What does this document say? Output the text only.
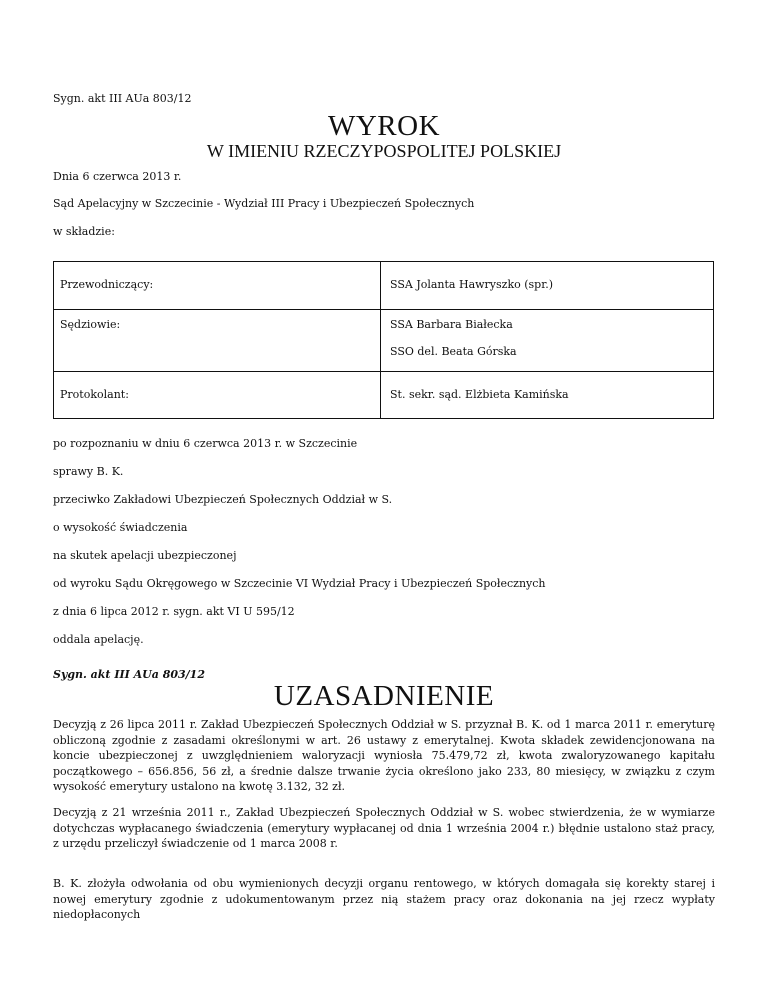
Sygn. akt III AUa 803/12
WYROK
W IMIENIU RZECZYPOSPOLITEJ POLSKIEJ
Dnia 6 czerwca 2013 r.
Sąd Apelacyjny w Szczecinie - Wydział III Pracy i Ubezpieczeń Społecznych
w składzie:
Przewodniczący:	SSA Jolanta Hawryszko (spr.)
Sędziowie:	SSA Barbara Białecka
SSO del. Beata Górska
Protokolant:	St. sekr. sąd. Elżbieta Kamińska
po rozpoznaniu w dniu 6 czerwca 2013 r. w Szczecinie
sprawy B. K.
przeciwko Zakładowi Ubezpieczeń Społecznych Oddział w S.
o wysokość świadczenia
na skutek apelacji ubezpieczonej
od wyroku Sądu Okręgowego w Szczecinie VI Wydział Pracy i Ubezpieczeń Społecznych
z dnia 6 lipca 2012 r. sygn. akt VI U 595/12
oddala apelację.
Sygn. akt III AUa 803/12
UZASADNIENIE
Decyzją z 26 lipca 2011 r. Zakład Ubezpieczeń Społecznych Oddział w S. przyznał B. K. od 1 marca 2011 r. emeryturę obliczoną zgodnie z zasadami określonymi w art. 26 ustawy z emerytalnej. Kwota składek zewidencjonowana na koncie ubezpieczonej z uwzględnieniem waloryzacji wyniosła 75.479,72 zł, kwota zwaloryzowanego kapitału początkowego – 656.856, 56 zł, a średnie dalsze trwanie życia określono jako 233, 80 miesięcy, w związku z czym wysokość emerytury ustalono na kwotę 3.132, 32 zł.
Decyzją z 21 września 2011 r., Zakład Ubezpieczeń Społecznych Oddział w S. wobec stwierdzenia, że w wymiarze dotychczas wypłacanego świadczenia (emerytury wypłacanej od dnia 1 września 2004 r.) błędnie ustalono staż pracy, z urzędu przeliczył świadczenie od 1 marca 2008 r.
B. K. złożyła odwołania od obu wymienionych decyzji organu rentowego, w których domagała się korekty starej i nowej emerytury zgodnie z udokumentowanym przez nią stażem pracy oraz dokonania na jej rzecz wypłaty niedopłaconych
